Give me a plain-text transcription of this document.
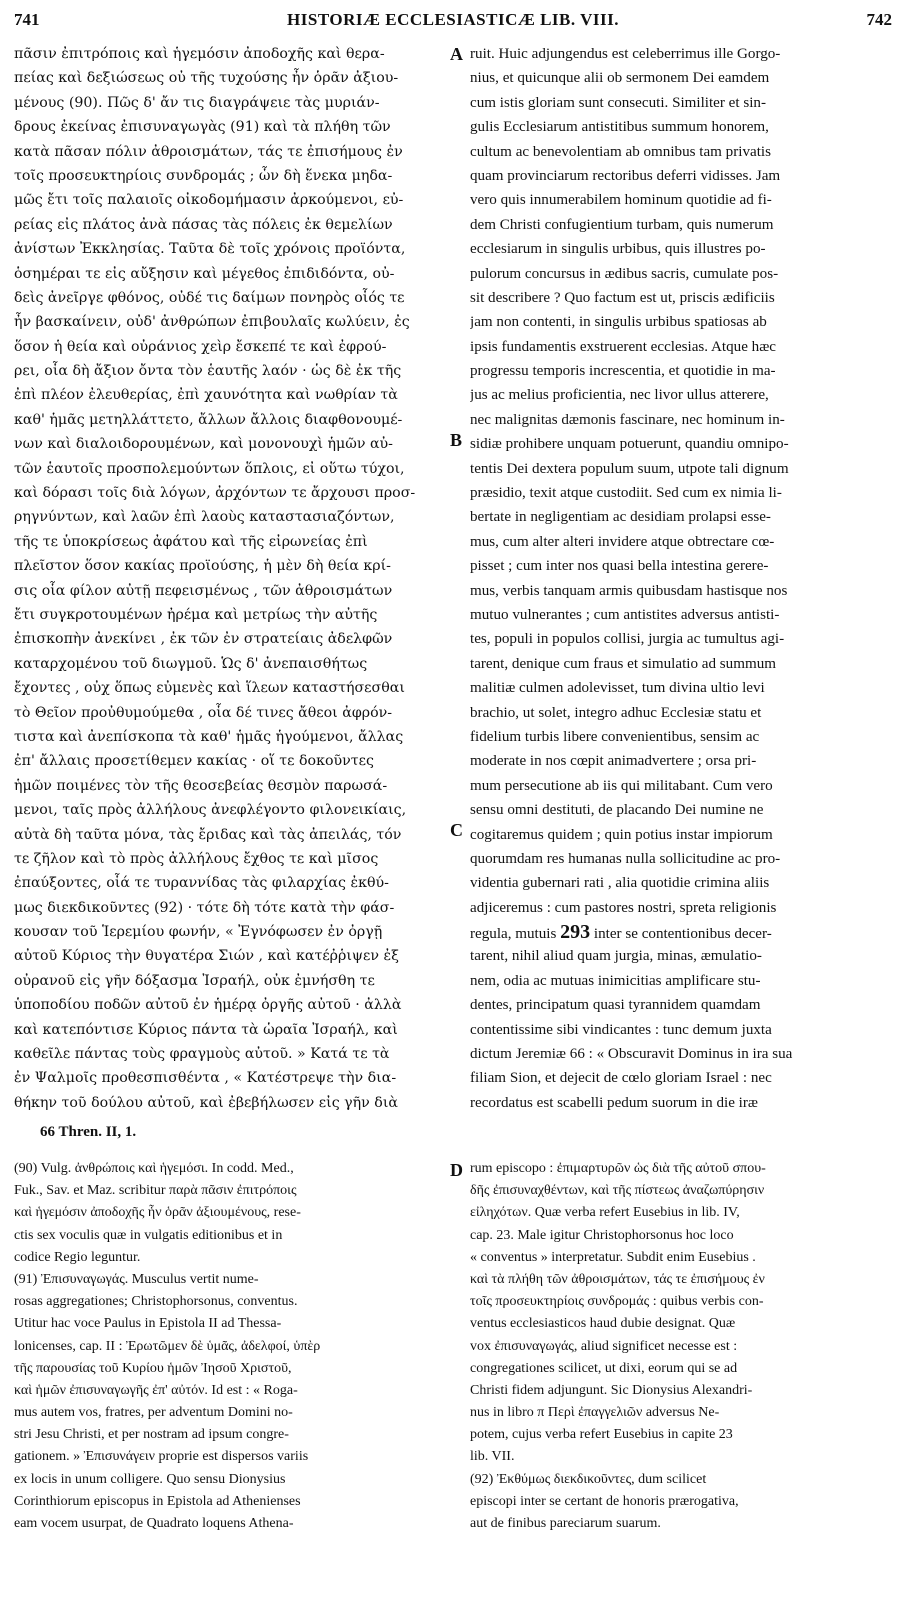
741	HISTORIÆ ECCLESIASTICÆ LIB. VIII.	742
πᾶσιν ἐπιτρόποις καὶ ἡγεμόσιν ἀποδοχῆς καὶ θερα-
πείας καὶ δεξιώσεως οὐ τῆς τυχούσης ἦν ὁρᾶν ἀξιου-
μένους (90). Πῶς δ' ἄν τις διαγράψειε τὰς μυριάν-
δρους ἐκείνας ἐπισυναγωγὰς (91) καὶ τὰ πλήθη τῶν
κατὰ πᾶσαν πόλιν ἀθροισμάτων, τάς τε ἐπισήμους ἐν
τοῖς προσευκτηρίοις συνδρομάς ; ὧν δὴ ἕνεκα μηδα-
μῶς ἔτι τοῖς παλαιοῖς οἰκοδομήμασιν ἀρκούμενοι, εὐ-
ρείας εἰς πλάτος ἀνὰ πάσας τὰς πόλεις ἐκ θεμελίων
ἀνίστων Ἐκκλησίας. Ταῦτα δὲ τοῖς χρόνοις προϊόντα,
ὁσημέραι τε εἰς αὔξησιν καὶ μέγεθος ἐπιδιδόντα, οὐ-
δεὶς ἀνεῖργε φθόνος, οὐδέ τις δαίμων πονηρὸς οἷός τε
ἦν βασκαίνειν, οὐδ' ἀνθρώπων ἐπιβουλαῖς κωλύειν, ἐς
ὅσον ἡ θεία καὶ οὐράνιος χεὶρ ἔσκεπέ τε καὶ ἐφρού-
ρει, οἷα δὴ ἄξιον ὄντα τὸν ἑαυτῆς λαόν · ὡς δὲ ἐκ τῆς
ἐπὶ πλέον ἐλευθερίας, ἐπὶ χαυνότητα καὶ νωθρίαν τὰ
καθ' ἡμᾶς μετηλλάττετο, ἄλλων ἄλλοις διαφθονουμέ-
νων καὶ διαλοιδορουμένων, καὶ μονονουχὶ ἡμῶν αὐ-
τῶν ἑαυτοῖς προσπολεμούντων ὅπλοις, εἰ οὕτω τύχοι,
καὶ δόρασι τοῖς διὰ λόγων, ἀρχόντων τε ἄρχουσι προσ-
ρηγνύντων, καὶ λαῶν ἐπὶ λαοὺς καταστασιαζόντων,
τῆς τε ὑποκρίσεως ἀφάτου καὶ τῆς εἰρωνείας ἐπὶ
πλεῖστον ὅσον κακίας προϊούσης, ἡ μὲν δὴ θεία κρί-
σις οἷα φίλον αὐτῇ πεφεισμένως , τῶν ἀθροισμάτων
ἔτι συγκροτουμένων ἠρέμα καὶ μετρίως τὴν αὐτῆς
ἐπισκοπὴν ἀνεκίνει , ἐκ τῶν ἐν στρατείαις ἀδελφῶν
καταρχομένου τοῦ διωγμοῦ. Ὡς δ' ἀνεπαισθήτως
ἔχοντες , οὐχ ὅπως εὐμενὲς καὶ ἵλεων καταστήσεσθαι
τὸ Θεῖον προὐθυμούμεθα , οἷα δέ τινες ἄθεοι ἀφρόν-
τιστα καὶ ἀνεπίσκοπα τὰ καθ' ἡμᾶς ἡγούμενοι, ἄλλας
ἐπ' ἄλλαις προσετίθεμεν κακίας · οἵ τε δοκοῦντες
ἡμῶν ποιμένες τὸν τῆς θεοσεβείας θεσμὸν παρωσά-
μενοι, ταῖς πρὸς ἀλλήλους ἀνεφλέγοντο φιλονεικίαις,
αὐτὰ δὴ ταῦτα μόνα, τὰς ἔριδας καὶ τὰς ἀπειλάς, τόν
τε ζῆλον καὶ τὸ πρὸς ἀλλήλους ἔχθος τε καὶ μῖσος
ἐπαύξοντες, οἷά τε τυραννίδας τὰς φιλαρχίας ἐκθύ-
μως διεκδικοῦντες (92) · τότε δὴ τότε κατὰ τὴν φάσ-
κουσαν τοῦ Ἱερεμίου φωνήν, « Ἐγνόφωσεν ἐν ὀργῇ
αὐτοῦ Κύριος τὴν θυγατέρα Σιών , καὶ κατέῤῥιψεν ἐξ
οὐρανοῦ εἰς γῆν δόξασμα Ἰσραήλ, οὐκ ἐμνήσθη τε
ὑποποδίου ποδῶν αὐτοῦ ἐν ἡμέρᾳ ὀργῆς αὐτοῦ · ἀλλὰ
καὶ κατεπόντισε Κύριος πάντα τὰ ὡραῖα Ἰσραήλ, καὶ
καθεῖλε πάντας τοὺς φραγμοὺς αὐτοῦ. » Κατά τε τὰ
ἐν Ψαλμοῖς προθεσπισθέντα , « Κατέστρεψε τὴν δια-
θήκην τοῦ δούλου αὐτοῦ, καὶ ἐβεβήλωσεν εἰς γῆν διὰ
ruit. Huic adjungendus est celeberrimus ille Gorgo-
nius, et quicunque alii ob sermonem Dei eamdem
cum istis gloriam sunt consecuti. Similiter et sin-
gulis Ecclesiarum antistitibus summum honorem,
cultum ac benevolentiam ab omnibus tam privatis
quam provinciarum rectoribus deferri vidisses. Jam
vero quis innumerabilem hominum quotidie ad fi-
dem Christi confugientium turbam, quis numerum
ecclesiarum in singulis urbibus, quis illustres po-
pulorum concursus in ædibus sacris, cumulate pos-
sit describere ? Quo factum est ut, priscis ædificiis
jam non contenti, in singulis urbibus spatiosas ab
ipsis fundamentis exstruerent ecclesias. Atque hæc
progressu temporis increscentia, et quotidie in ma-
jus ac melius proficientia, nec livor ullus atterere,
nec malignitas dæmonis fascinare, nec hominum in-
sidiæ prohibere unquam potuerunt, quandiu omnipo-
tentis Dei dextera populum suum, utpote tali dignum
præsidio, texit atque custodiit. Sed cum ex nimia li-
bertate in negligentiam ac desidiam prolapsi esse-
mus, cum alter alteri invidere atque obtrectare cœ-
pisset ; cum inter nos quasi bella intestina gerere-
mus, verbis tanquam armis quibusdam hastisque nos
mutuo vulnerantes ; cum antistites adversus antisti-
tes, populi in populos collisi, jurgia ac tumultus agi-
tarent, denique cum fraus et simulatio ad summum
malitiæ culmen adolevisset, tum divina ultio levi
brachio, ut solet, integro adhuc Ecclesiæ statu et
fidelium turbis libere convenientibus, sensim ac
moderate in nos cœpit animadvertere ; orsa pri-
mum persecutione ab iis qui militabant. Cum vero
sensu omni destituti, de placando Dei numine ne
cogitaremus quidem ; quin potius instar impiorum
quorumdam res humanas nulla sollicitudine ac pro-
videntia gubernari rati , alia quotidie crimina aliis
adjiceremus : cum pastores nostri, spreta religionis
regula, mutuis 293 inter se contentionibus decer-
tarent, nihil aliud quam jurgia, minas, æmulatio-
nem, odia ac mutuas inimicitias amplificare stu-
dentes, principatum quasi tyrannidem quamdam
contentissime sibi vindicantes : tunc demum juxta
dictum Jeremiæ 66 : « Obscuravit Dominus in ira sua
filiam Sion, et dejecit de cœlo gloriam Israel : nec
recordatus est scabelli pedum suorum in die iræ
A
B
C
D
66 Thren. II, 1.
(90) Vulg. ἀνθρώποις καὶ ἡγεμόσι. In codd. Med.,
Fuk., Sav. et Maz. scribitur παρὰ πᾶσιν ἐπιτρόποις
καὶ ἡγεμόσιν ἀποδοχῆς ἦν ὁρᾶν ἀξιουμένους, rese-
ctis sex voculis quæ in vulgatis editionibus et in
codice Regio leguntur.
(91) Ἐπισυναγωγάς. Musculus vertit nume-
rosas aggregationes; Christophorsonus, conventus.
Utitur hac voce Paulus in Epistola II ad Thessa-
lonicenses, cap. II : Ἐρωτῶμεν δὲ ὑμᾶς, ἀδελφοί, ὑπὲρ
τῆς παρουσίας τοῦ Κυρίου ἡμῶν Ἰησοῦ Χριστοῦ,
καὶ ἡμῶν ἐπισυναγωγῆς ἐπ' αὐτόν. Id est : « Roga-
mus autem vos, fratres, per adventum Domini no-
stri Jesu Christi, et per nostram ad ipsum congre-
gationem. » Ἐπισυνάγειν proprie est dispersos variis
ex locis in unum colligere. Quo sensu Dionysius
Corinthiorum episcopus in Epistola ad Athenienses
eam vocem usurpat, de Quadrato loquens Athena-
rum episcopo : ἐπιμαρτυρῶν ὡς διὰ τῆς αὐτοῦ σπου-
δῆς ἐπισυναχθέντων, καὶ τῆς πίστεως ἀναζωπύρησιν
εἰληχότων. Quæ verba refert Eusebius in lib. IV,
cap. 23. Male igitur Christophorsonus hoc loco
« conventus » interpretatur. Subdit enim Eusebius .
καὶ τὰ πλήθη τῶν ἀθροισμάτων, τάς τε ἐπισήμους ἐν
τοῖς προσευκτηρίοις συνδρομάς : quibus verbis con-
ventus ecclesiasticos haud dubie designat. Quæ
vox ἐπισυναγωγάς, aliud significet necesse est :
congregationes scilicet, ut dixi, eorum qui se ad
Christi fidem adjungunt. Sic Dionysius Alexandri-
nus in libro π Περὶ ἐπαγγελιῶν adversus Ne-
potem, cujus verba refert Eusebius in capite 23
lib. VII.
(92) Ἐκθύμως διεκδικοῦντες, dum scilicet
episcopi inter se certant de honoris prærogativa,
aut de finibus pareciarum suarum.
